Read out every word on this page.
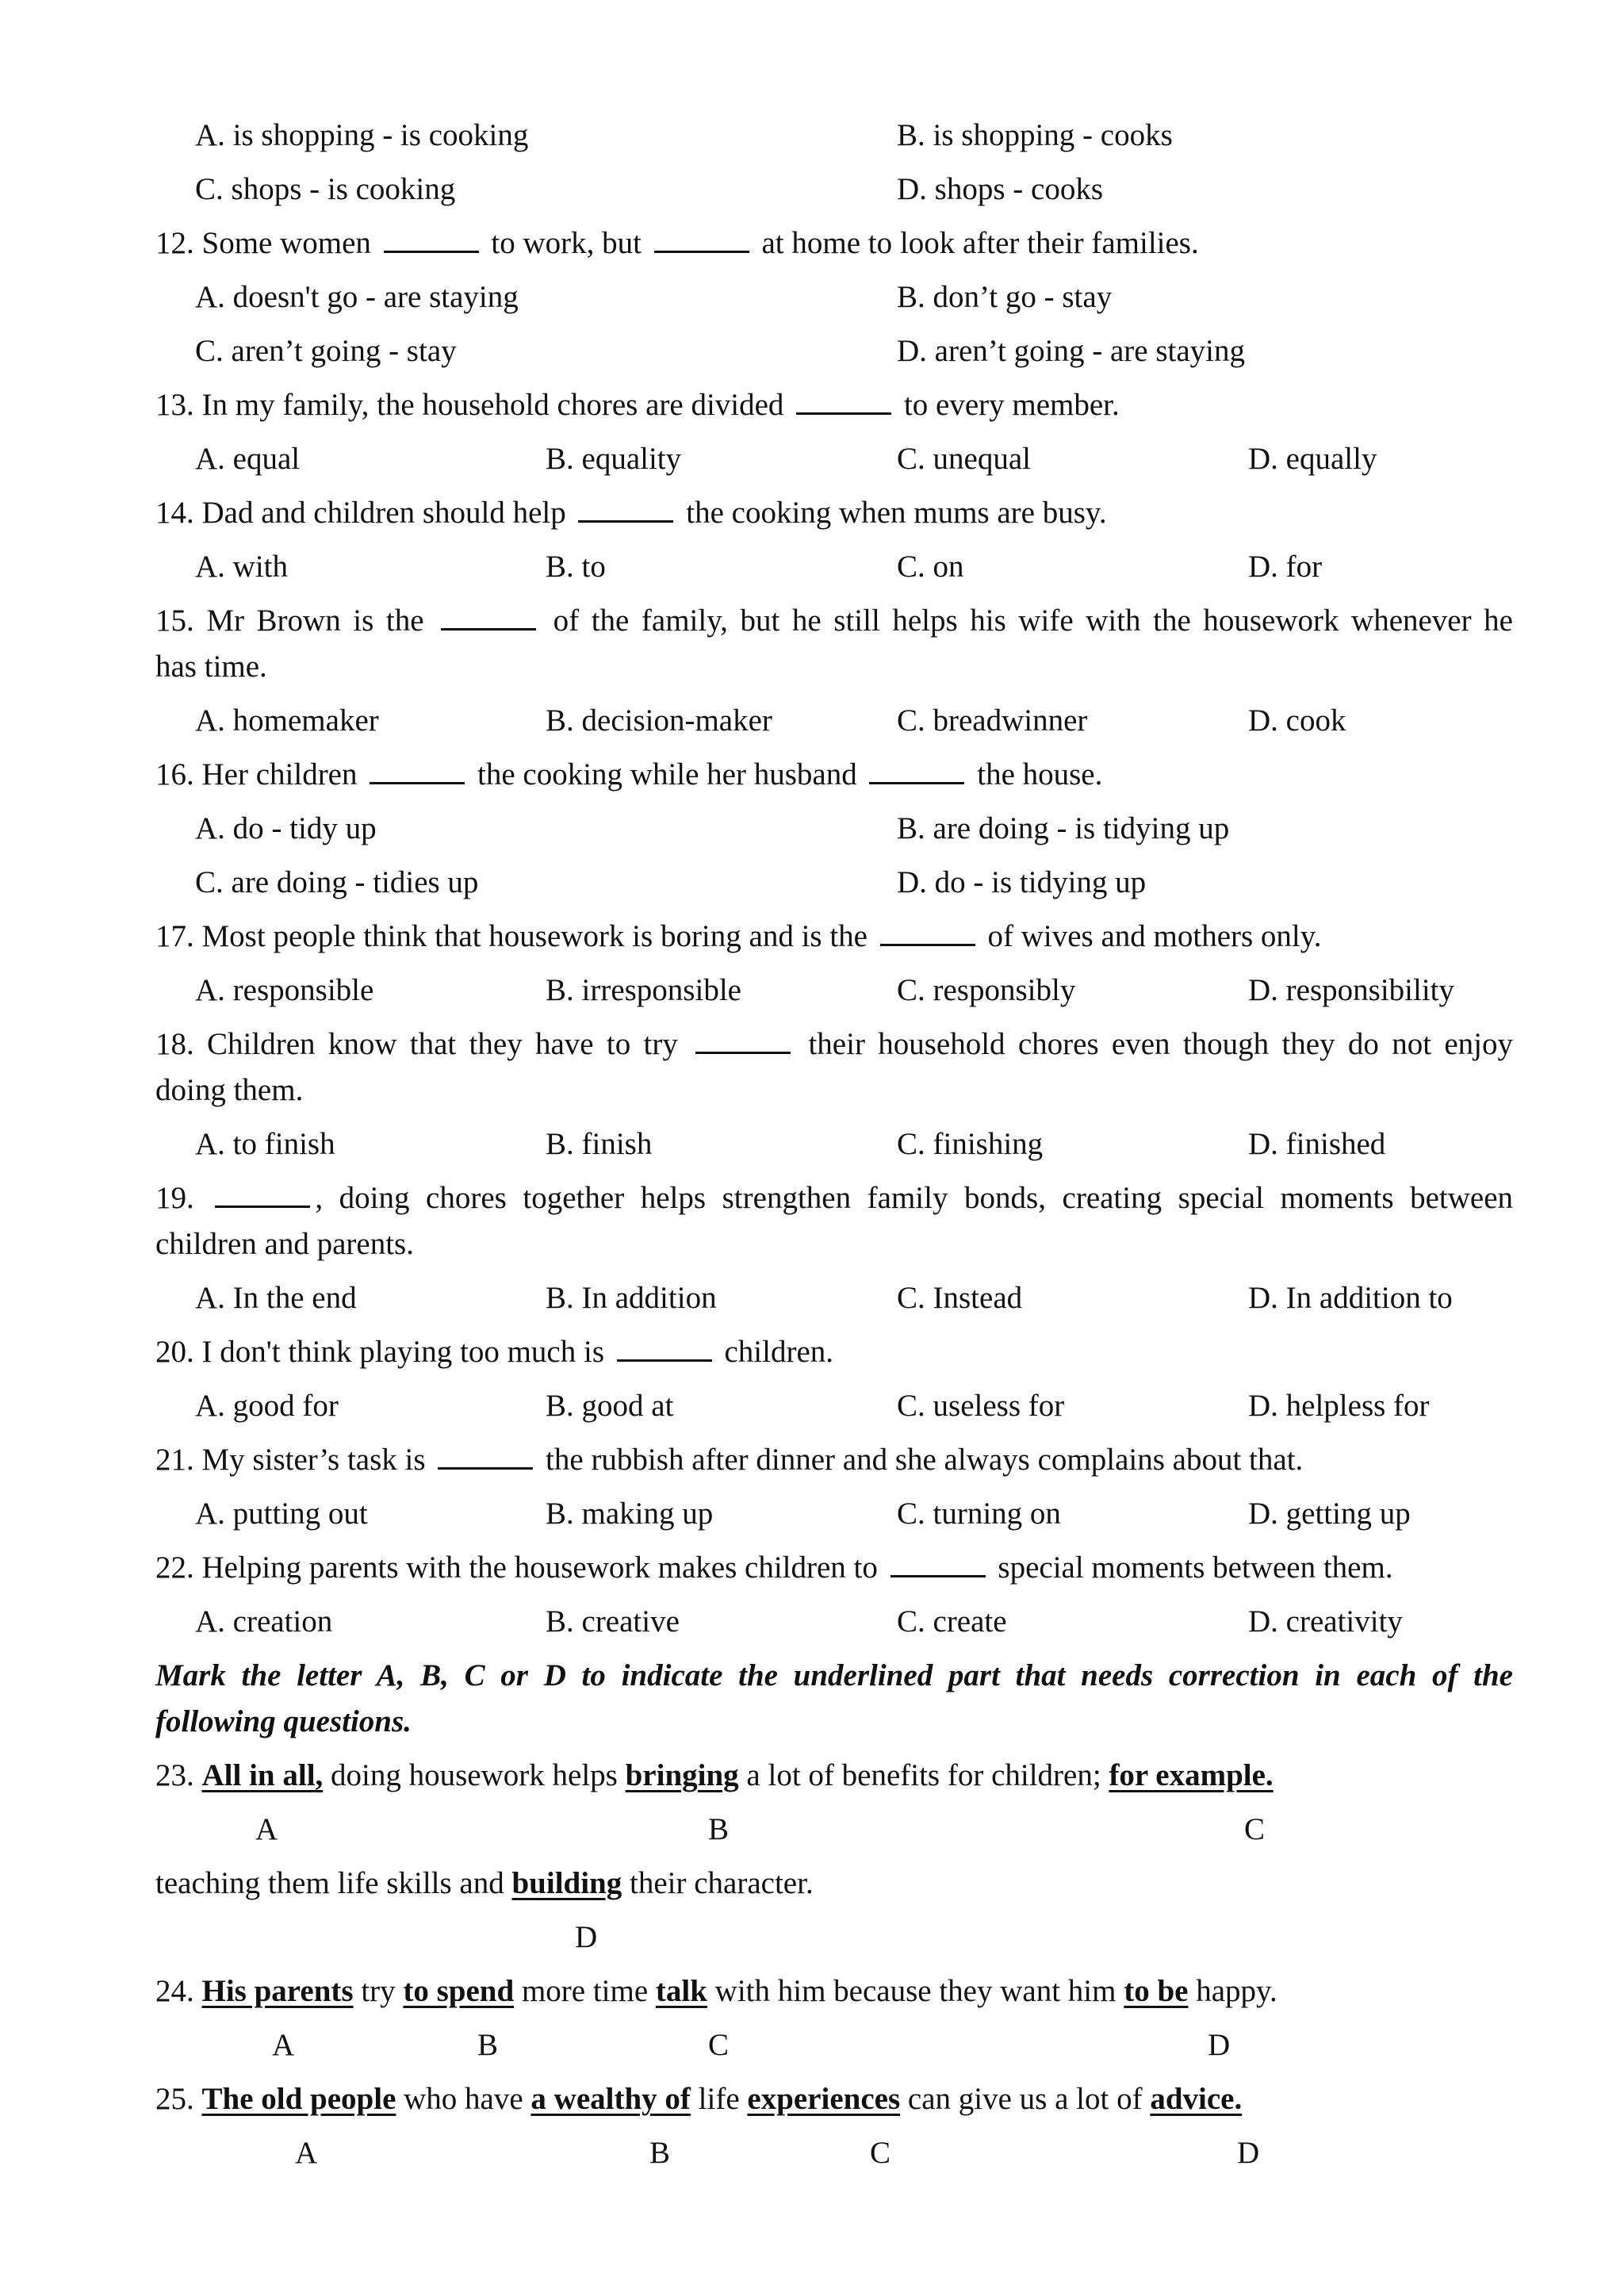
A. is shopping - is cooking	B. is shopping - cooks
C. shops - is cooking	D. shops - cooks
12. Some women	to work, but	at home to look after their families.
A. doesn't go - are staying	B. don’t go - stay
C. aren’t going - stay	D. aren’t going - are staying
13. In my family, the household chores are divided	to every member.
A. equal	B. equality	C. unequal	D. equally
14. Dad and children should help	the cooking when mums are busy.
A. with	B. to	C. on	D. for
15. Mr Brown is the	of the family, but he still helps his wife with the housework whenever he
has time.
A. homemaker	B. decision-maker	C. breadwinner	D. cook
16. Her children	the cooking while her husband	the house.
A. do - tidy up	B. are doing - is tidying up
C. are doing - tidies up	D. do - is tidying up
17. Most people think that housework is boring and is the	of wives and mothers only.
A. responsible	B. irresponsible	C. responsibly	D. responsibility
18. Children know that they have to try	their household chores even though they do not enjoy
doing them.
A. to finish	B. finish	C. finishing	D. finished
19.	, doing chores together helps strengthen family bonds, creating special moments between
children and parents.
A. In the end	B. In addition	C. Instead	D. In addition to
20. I don't think playing too much is	children.
A. good for	B. good at	C. useless for	D. helpless for
21. My sister’s task is	the rubbish after dinner and she always complains about that.
A. putting out	B. making up	C. turning on	D. getting up
22. Helping parents with the housework makes children to	special moments between them.
A. creation	B. creative	C. create	D. creativity
Mark the letter A, B, C or D to indicate the underlined part that needs correction in each of the
following questions.
23. All in all, doing housework helps bringing a lot of benefits for children; for example.
A	B	C
teaching them life skills and building their character.
D
24. His parents try to spend more time talk with him because they want him to be happy.
A	B	C	D
25. The old people who have a wealthy of life experiences can give us a lot of advice.
A	B	C	D
